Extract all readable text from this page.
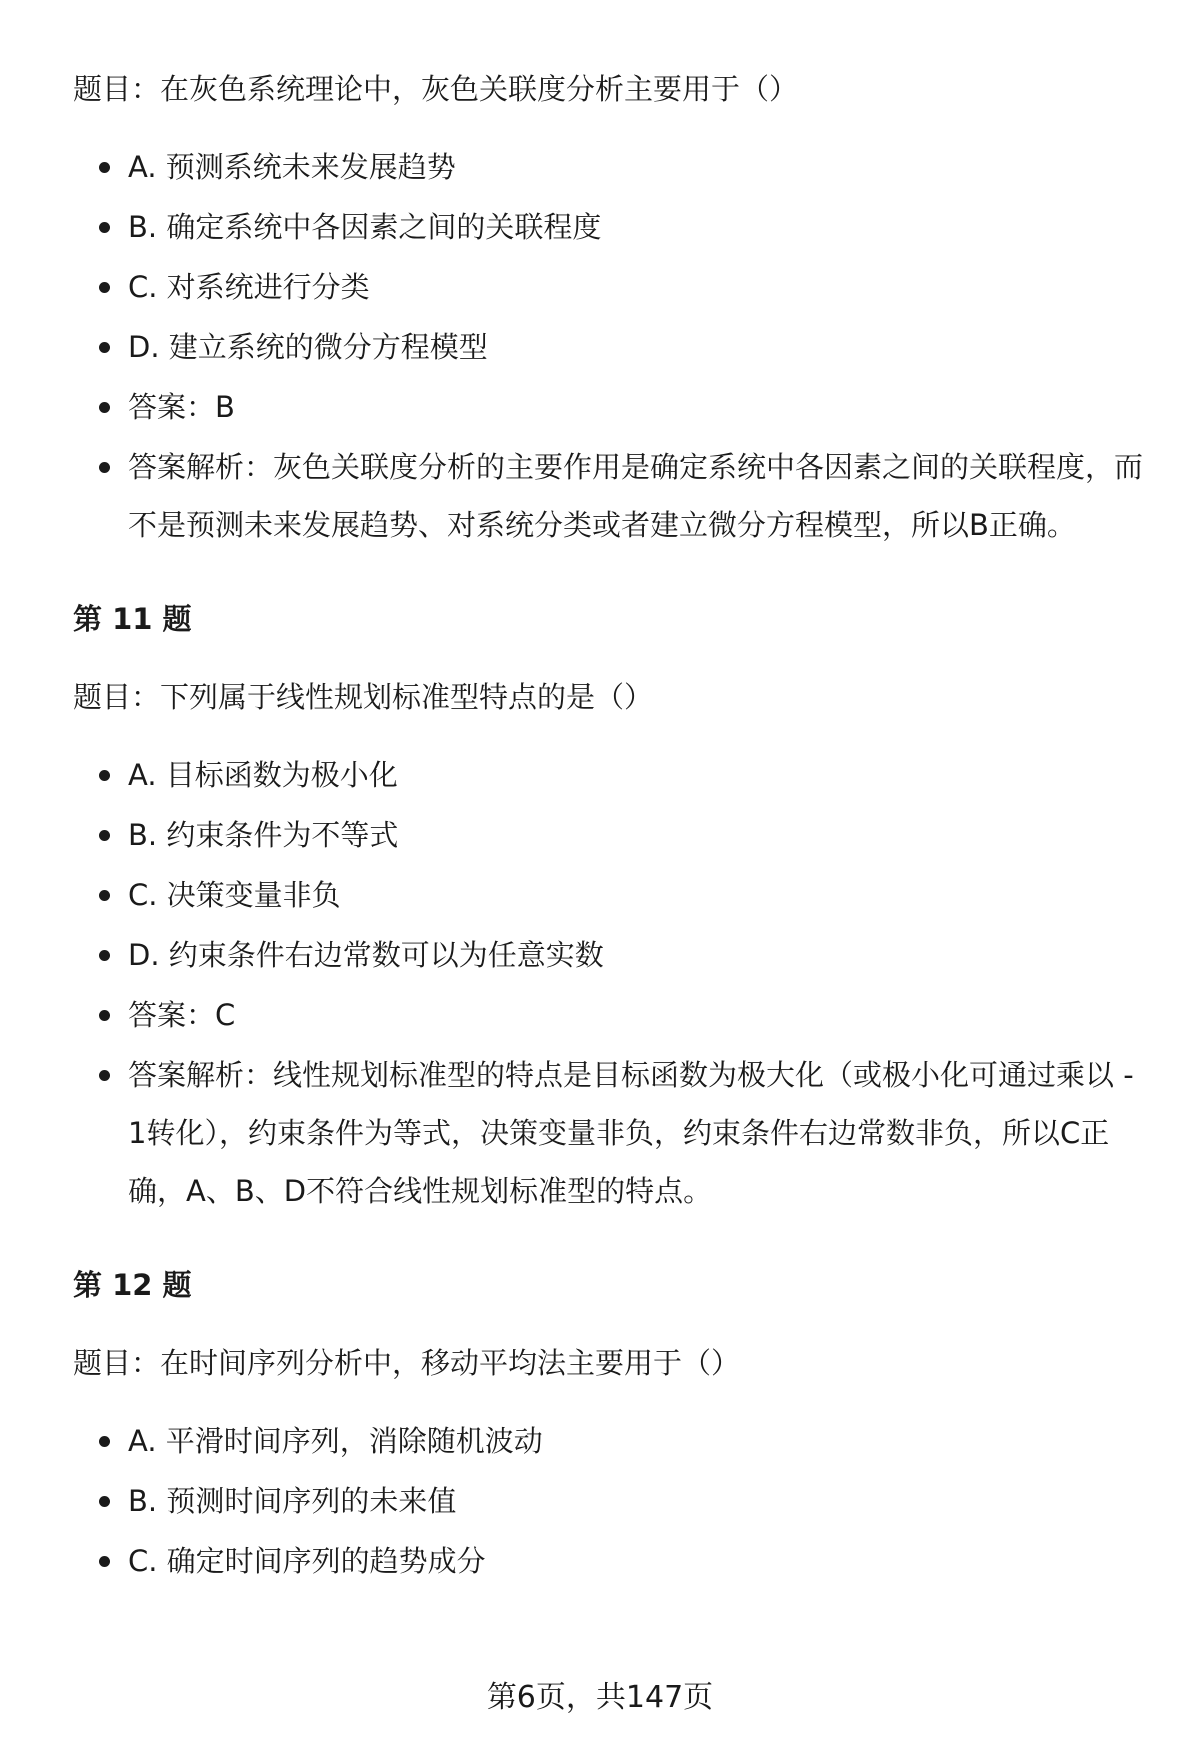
题目：在灰色系统理论中，灰色关联度分析主要用于（）

A. 预测系统未来发展趋势
B. 确定系统中各因素之间的关联程度
C. 对系统进行分类
D. 建立系统的微分方程模型
答案：B
答案解析：灰色关联度分析的主要作用是确定系统中各因素之间的关联程度，而不是预测未来发展趋势、对系统分类或者建立微分方程模型，所以B正确。
第 11 题

题目：下列属于线性规划标准型特点的是（）

A. 目标函数为极小化
B. 约束条件为不等式
C. 决策变量非负
D. 约束条件右边常数可以为任意实数
答案：C
答案解析：线性规划标准型的特点是目标函数为极大化（或极小化可通过乘以 - 1转化），约束条件为等式，决策变量非负，约束条件右边常数非负，所以C正确，A、B、D不符合线性规划标准型的特点。
第 12 题

题目：在时间序列分析中，移动平均法主要用于（）

A. 平滑时间序列，消除随机波动
B. 预测时间序列的未来值
C. 确定时间序列的趋势成分
第6页，共147页
